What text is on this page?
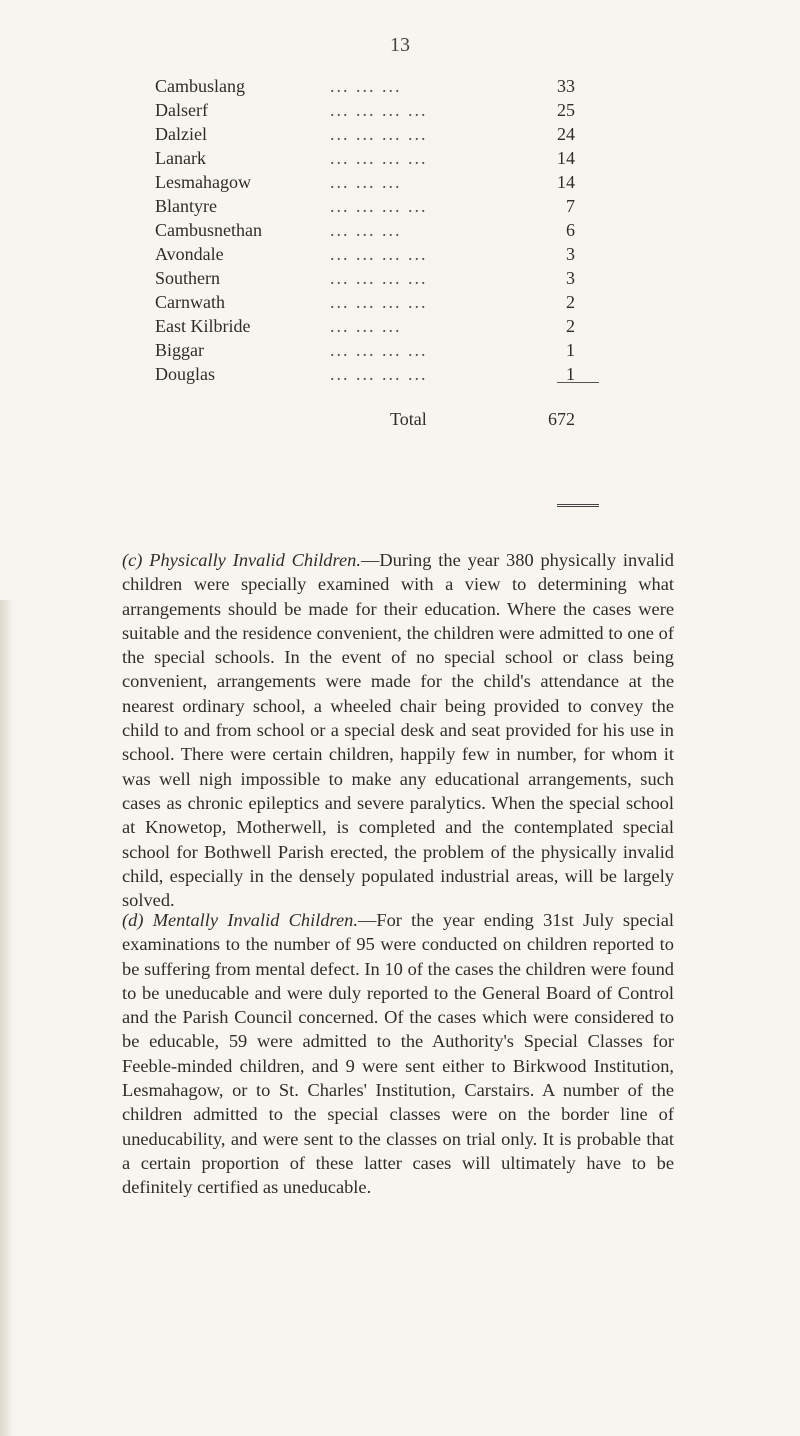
13
Cambuslang	... ... ...	33
Dalserf	... ... ... ...	25
Dalziel	... ... ... ...	24
Lanark	... ... ... ...	14
Lesmahagow	... ... ...	14
Blantyre	... ... ... ...	7
Cambusnethan	... ... ...	6
Avondale	... ... ... ...	3
Southern	... ... ... ...	3
Carnwath	... ... ... ...	2
East Kilbride	... ... ...	2
Biggar	... ... ... ...	1
Douglas	... ... ... ...	1
Total	672
(c) Physically Invalid Children.—During the year 380 physically invalid children were specially examined with a view to determining what arrangements should be made for their education. Where the cases were suitable and the residence convenient, the children were admitted to one of the special schools. In the event of no special school or class being convenient, arrangements were made for the child's attendance at the nearest ordinary school, a wheeled chair being provided to convey the child to and from school or a special desk and seat provided for his use in school. There were certain children, happily few in number, for whom it was well nigh impossible to make any educational arrangements, such cases as chronic epileptics and severe paralytics. When the special school at Knowetop, Motherwell, is completed and the contemplated special school for Bothwell Parish erected, the problem of the physically invalid child, especially in the densely populated industrial areas, will be largely solved.
(d) Mentally Invalid Children.—For the year ending 31st July special examinations to the number of 95 were conducted on children reported to be suffering from mental defect. In 10 of the cases the children were found to be uneducable and were duly reported to the General Board of Control and the Parish Council concerned. Of the cases which were considered to be educable, 59 were admitted to the Authority's Special Classes for Feeble-minded children, and 9 were sent either to Birkwood Institution, Lesmahagow, or to St. Charles' Institution, Carstairs. A number of the children admitted to the special classes were on the border line of uneducability, and were sent to the classes on trial only. It is probable that a certain proportion of these latter cases will ultimately have to be definitely certified as uneducable.
